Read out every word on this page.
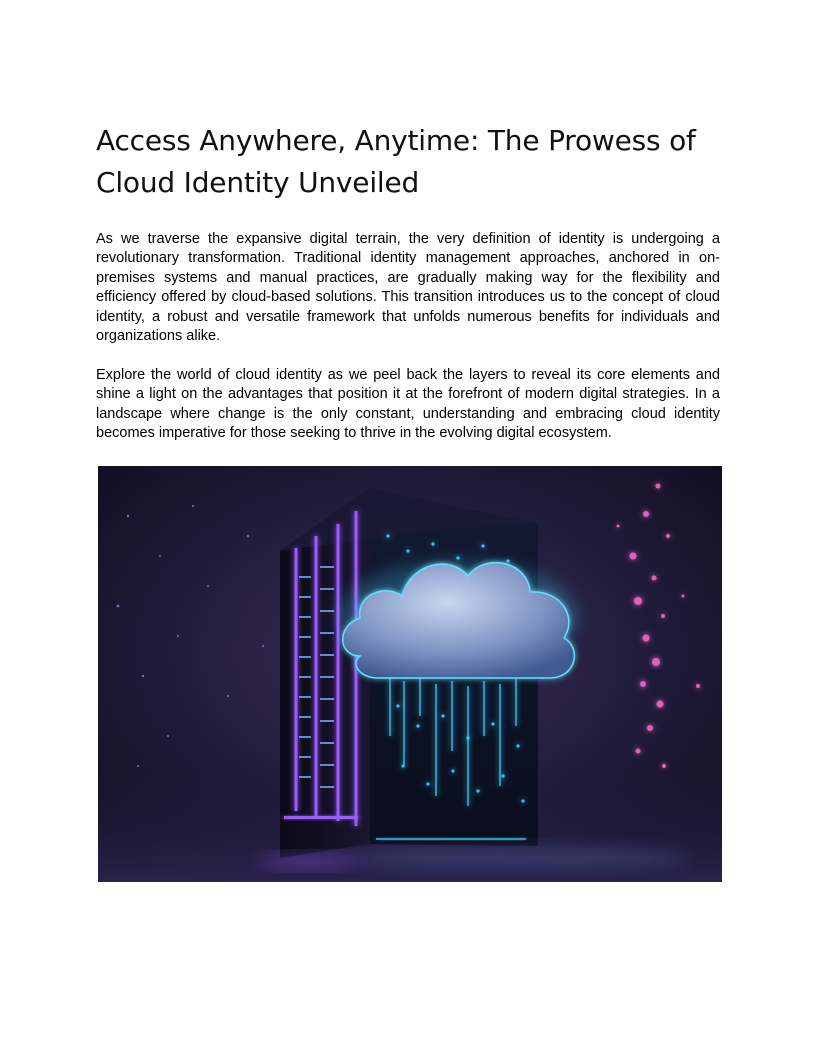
Access Anywhere, Anytime: The Prowess of Cloud Identity Unveiled

As we traverse the expansive digital terrain, the very definition of identity is undergoing a revolutionary transformation. Traditional identity management approaches, anchored in on-premises systems and manual practices, are gradually making way for the flexibility and efficiency offered by cloud-based solutions. This transition introduces us to the concept of cloud identity, a robust and versatile framework that unfolds numerous benefits for individuals and organizations alike.

Explore the world of cloud identity as we peel back the layers to reveal its core elements and shine a light on the advantages that position it at the forefront of modern digital strategies. In a landscape where change is the only constant, understanding and embracing cloud identity becomes imperative for those seeking to thrive in the evolving digital ecosystem.
